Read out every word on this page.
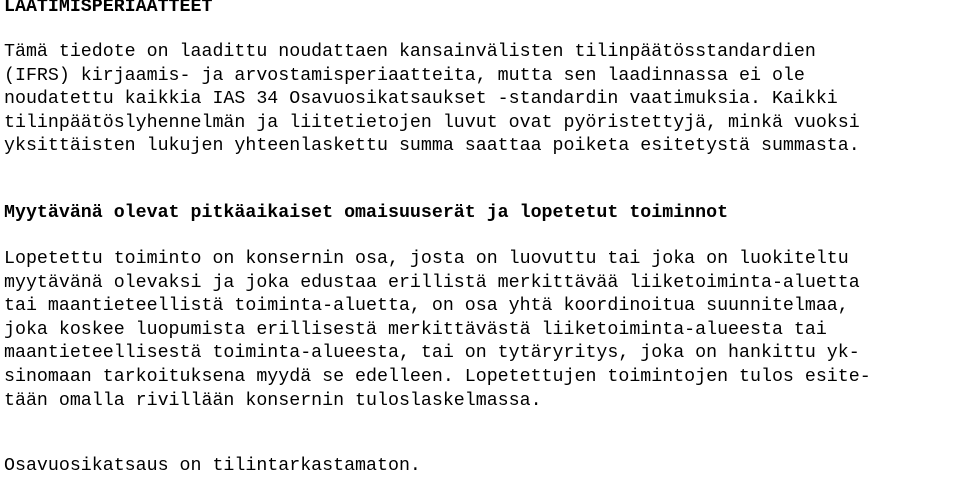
LAATIMISPERIAATTEET
Tämä tiedote on laadittu noudattaen kansainvälisten tilinpäätösstandardien
(IFRS) kirjaamis- ja arvostamisperiaatteita, mutta sen laadinnassa ei ole
noudatettu kaikkia IAS 34 Osavuosikatsaukset -standardin vaatimuksia. Kaikki
tilinpäätöslyhennelmän ja liitetietojen luvut ovat pyöristettyjä, minkä vuoksi
yksittäisten lukujen yhteenlaskettu summa saattaa poiketa esitetystä summasta.
Myytävänä olevat pitkäaikaiset omaisuuserät ja lopetetut toiminnot
Lopetettu toiminto on konsernin osa, josta on luovuttu tai joka on luokiteltu
myytävänä olevaksi ja joka edustaa erillistä merkittävää liiketoiminta-aluetta
tai maantieteellistä toiminta-aluetta, on osa yhtä koordinoitua suunnitelmaa,
joka koskee luopumista erillisestä merkittävästä liiketoiminta-alueesta tai
maantieteellisestä toiminta-alueesta, tai on tytäryritys, joka on hankittu yk-
sinomaan tarkoituksena myydä se edelleen. Lopetettujen toimintojen tulos esite-
tään omalla rivillään konsernin tuloslaskelmassa.
Osavuosikatsaus on tilintarkastamaton.
